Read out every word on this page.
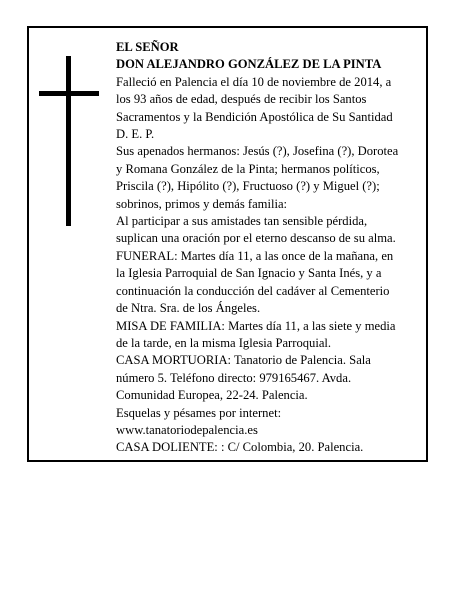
EL SEÑOR
DON ALEJANDRO GONZÁLEZ DE LA PINTA
Falleció en Palencia el día 10 de noviembre de 2014, a
los 93 años de edad, después de recibir los Santos
Sacramentos y la Bendición Apostólica de Su Santidad
D. E. P.
Sus apenados hermanos: Jesús (?), Josefina (?), Dorotea
y Romana González de la Pinta; hermanos políticos,
Priscila (?), Hipólito (?), Fructuoso (?) y Miguel (?);
sobrinos, primos y demás familia:
Al participar a sus amistades tan sensible pérdida,
suplican una oración por el eterno descanso de su alma.
FUNERAL: Martes día 11, a las once de la mañana, en
la Iglesia Parroquial de San Ignacio y Santa Inés, y a
continuación la conducción del cadáver al Cementerio
de Ntra. Sra. de los Ángeles.
MISA DE FAMILIA: Martes día 11, a las siete y media
de la tarde, en la misma Iglesia Parroquial.
CASA MORTUORIA: Tanatorio de Palencia. Sala
número 5. Teléfono directo: 979165467. Avda.
Comunidad Europea, 22-24. Palencia.
Esquelas y pésames por internet:
www.tanatoriodepalencia.es
CASA DOLIENTE: : C/ Colombia, 20. Palencia.
